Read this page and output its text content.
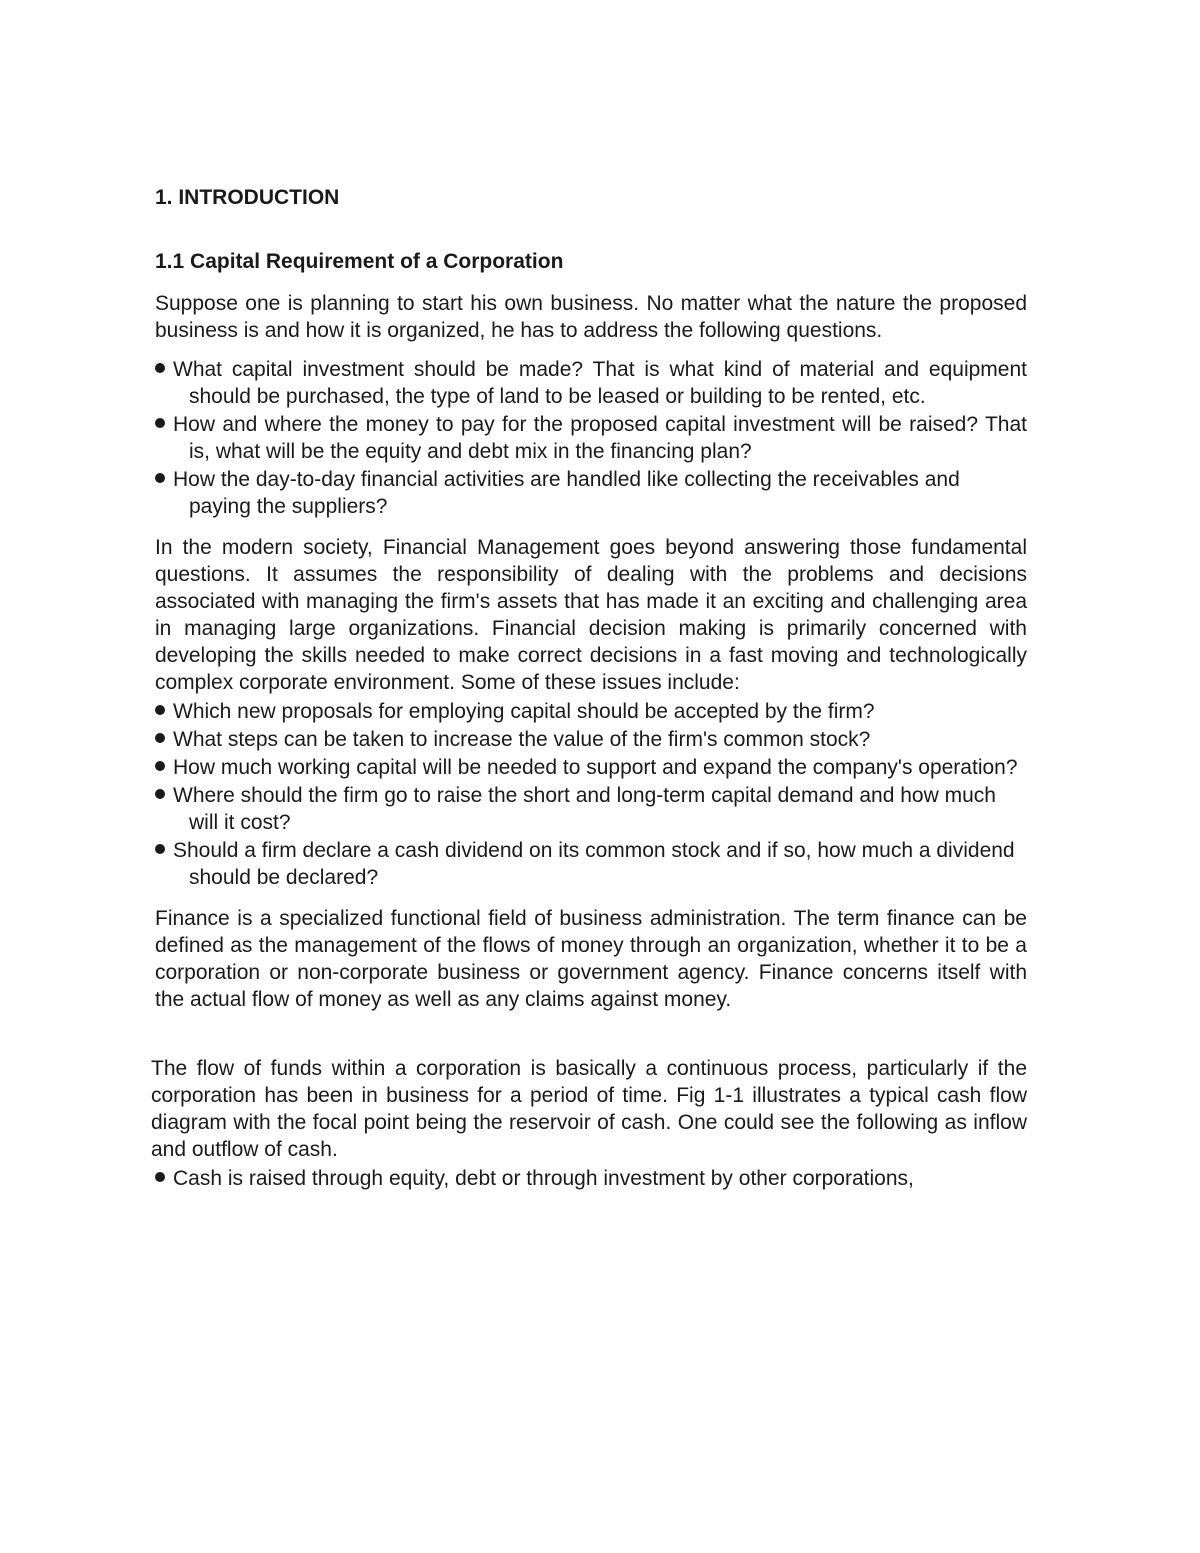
1. INTRODUCTION
1.1 Capital Requirement of a Corporation

Suppose one is planning to start his own business. No matter what the nature the proposed business is and how it is organized, he has to address the following questions.

What capital investment should be made? That is what kind of material and equipment should be purchased, the type of land to be leased or building to be rented, etc.
How and where the money to pay for the proposed capital investment will be raised? That is, what will be the equity and debt mix in the financing plan?
How the day-to-day financial activities are handled like collecting the receivables and paying the suppliers?

In the modern society, Financial Management goes beyond answering those fundamental questions. It assumes the responsibility of dealing with the problems and decisions associated with managing the firm's assets that has made it an exciting and challenging area in managing large organizations. Financial decision making is primarily concerned with developing the skills needed to make correct decisions in a fast moving and technologically complex corporate environment. Some of these issues include:

Which new proposals for employing capital should be accepted by the firm?
What steps can be taken to increase the value of the firm's common stock?
How much working capital will be needed to support and expand the company's operation?
Where should the firm go to raise the short and long-term capital demand and how much will it cost?
Should a firm declare a cash dividend on its common stock and if so, how much a dividend should be declared?

Finance is a specialized functional field of business administration. The term finance can be defined as the management of the flows of money through an organization, whether it to be a corporation or non-corporate business or government agency. Finance concerns itself with the actual flow of money as well as any claims against money.

The flow of funds within a corporation is basically a continuous process, particularly if the corporation has been in business for a period of time. Fig 1-1 illustrates a typical cash flow diagram with the focal point being the reservoir of cash. One could see the following as inflow and outflow of cash.

Cash is raised through equity, debt or through investment by other corporations,
